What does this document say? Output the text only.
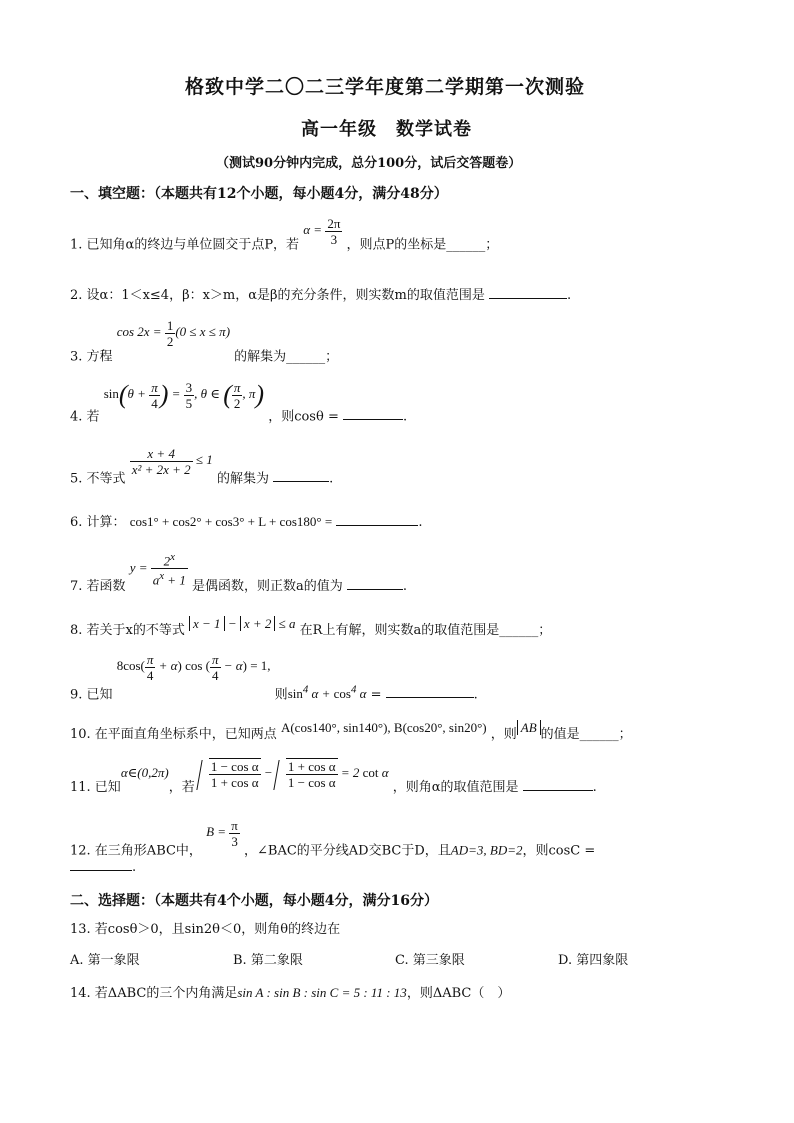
格致中学二〇二三学年度第二学期第一次测验
高一年级　数学试卷
（测试90分钟内完成，总分100分，试后交答题卷）
一、填空题：（本题共有12个小题，每小题4分，满分48分）
1. 已知角α的终边与单位圆交于点P，若 $\alpha = \frac{2\pi}{3}$ ，则点P的坐标是______；
2. 设α：1＜x≤4，β：x＞m，α是β的充分条件，则实数m的取值范围是	.
3. 方程 $\cos 2x = \frac{1}{2} (0 \le x \le \pi)$ 的解集为______；
4. 若 $\sin(\theta + \frac{\pi}{4}$ ) = $\frac{3}{5}$ , θ ∈ ( $\frac{\pi}{2}$ , π) ，则cosθ =	.
5. 不等式
$\frac{x + 4}{\text{x² + 2x + 2}} \le 1$ 的解集为	.
6. 计算： cos1° + cos2° + cos3° + L + cos180° =	.
7. 若函数 $y = \frac{2^x}{a^x + 1}$ 是偶函数，则正数a的值为	.
8. 若关于x的不等式 x − 1 − x + 2 ≤ a 在R上有解，则实数a的取值范围是______；
9. 已知 $8\cos( \frac{\pi}{4} + \alpha)$ cos ( $\frac{\pi}{4} - \alpha) = 1$, 则$\sin^4 \alpha + \cos^4 \alpha$ =	.
10. 在平面直角坐标系中，已知两点 A(cos140°, sin140°), B(cos20°, sin20°) ，则 AB 的值是______；
11. 已知α∈(0,2π)，若 $\frac{\text{1 − cos α}}{\text{1 + cos α}} - \frac{\text{1 + cos α}}{\text{1 − cos α}} = 2$ cot α ，则角α的取值范围是	.
12. 在三角形ABC中， $B = \frac{\pi}{3}$
，∠BAC的平分线AD交BC于D，且AD=3, BD=2，则cosC =
.
二、选择题：（本题共有4个小题，每小题4分，满分16分）
13. 若cosθ＞0，且sin2θ＜0，则角θ的终边在
A. 第一象限	B. 第二象限	C. 第三象限	D. 第四象限
14. 若ΔABC的三个内角满足sin A : sin B : sin C = 5 : 11 : 13，则ΔABC（　）
